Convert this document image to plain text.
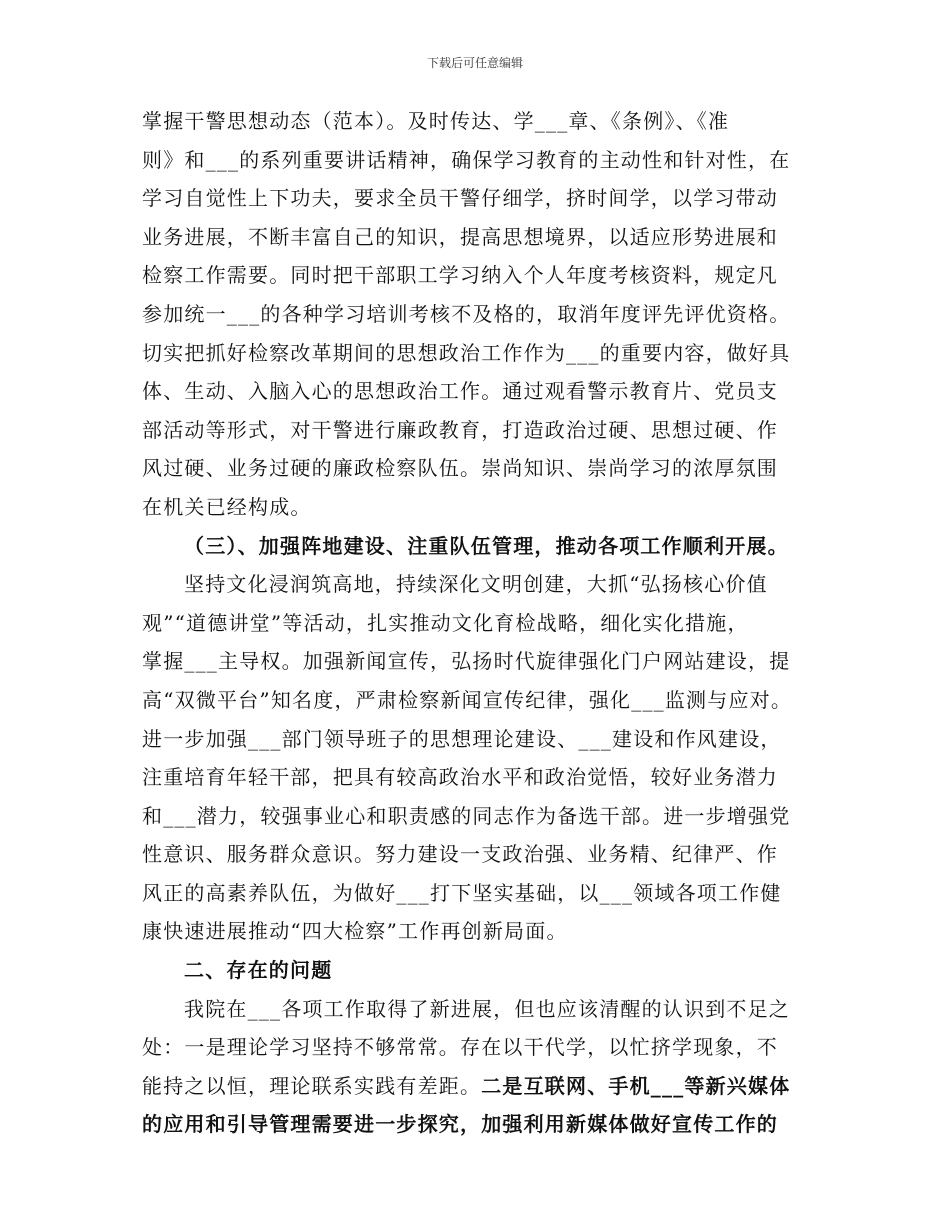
下载后可任意编辑
掌握干警思想动态（范本）。及时传达、学___章、《条例》、《准
则》和___的系列重要讲话精神，确保学习教育的主动性和针对性，在
学习自觉性上下功夫，要求全员干警仔细学，挤时间学，以学习带动
业务进展，不断丰富自己的知识，提高思想境界，以适应形势进展和
检察工作需要。同时把干部职工学习纳入个人年度考核资料，规定凡
参加统一___的各种学习培训考核不及格的，取消年度评先评优资格。
切实把抓好检察改革期间的思想政治工作作为___的重要内容，做好具
体、生动、入脑入心的思想政治工作。通过观看警示教育片、党员支
部活动等形式，对干警进行廉政教育，打造政治过硬、思想过硬、作
风过硬、业务过硬的廉政检察队伍。崇尚知识、崇尚学习的浓厚氛围
在机关已经构成。
（三）、加强阵地建设、注重队伍管理，推动各项工作顺利开展。
坚持文化浸润筑高地，持续深化文明创建，大抓“弘扬核心价值
观”“道德讲堂”等活动，扎实推动文化育检战略，细化实化措施，
掌握___主导权。加强新闻宣传，弘扬时代旋律强化门户网站建设，提
高“双微平台”知名度，严肃检察新闻宣传纪律，强化___监测与应对。
进一步加强___部门领导班子的思想理论建设、___建设和作风建设，
注重培育年轻干部，把具有较高政治水平和政治觉悟，较好业务潜力
和___潜力，较强事业心和职责感的同志作为备选干部。进一步增强党
性意识、服务群众意识。努力建设一支政治强、业务精、纪律严、作
风正的高素养队伍，为做好___打下坚实基础，以___领域各项工作健
康快速进展推动“四大检察”工作再创新局面。
二、存在的问题
我院在___各项工作取得了新进展，但也应该清醒的认识到不足之
处：一是理论学习坚持不够常常。存在以干代学，以忙挤学现象，不
能持之以恒，理论联系实践有差距。二是互联网、手机___等新兴媒体
的应用和引导管理需要进一步探究，加强利用新媒体做好宣传工作的
